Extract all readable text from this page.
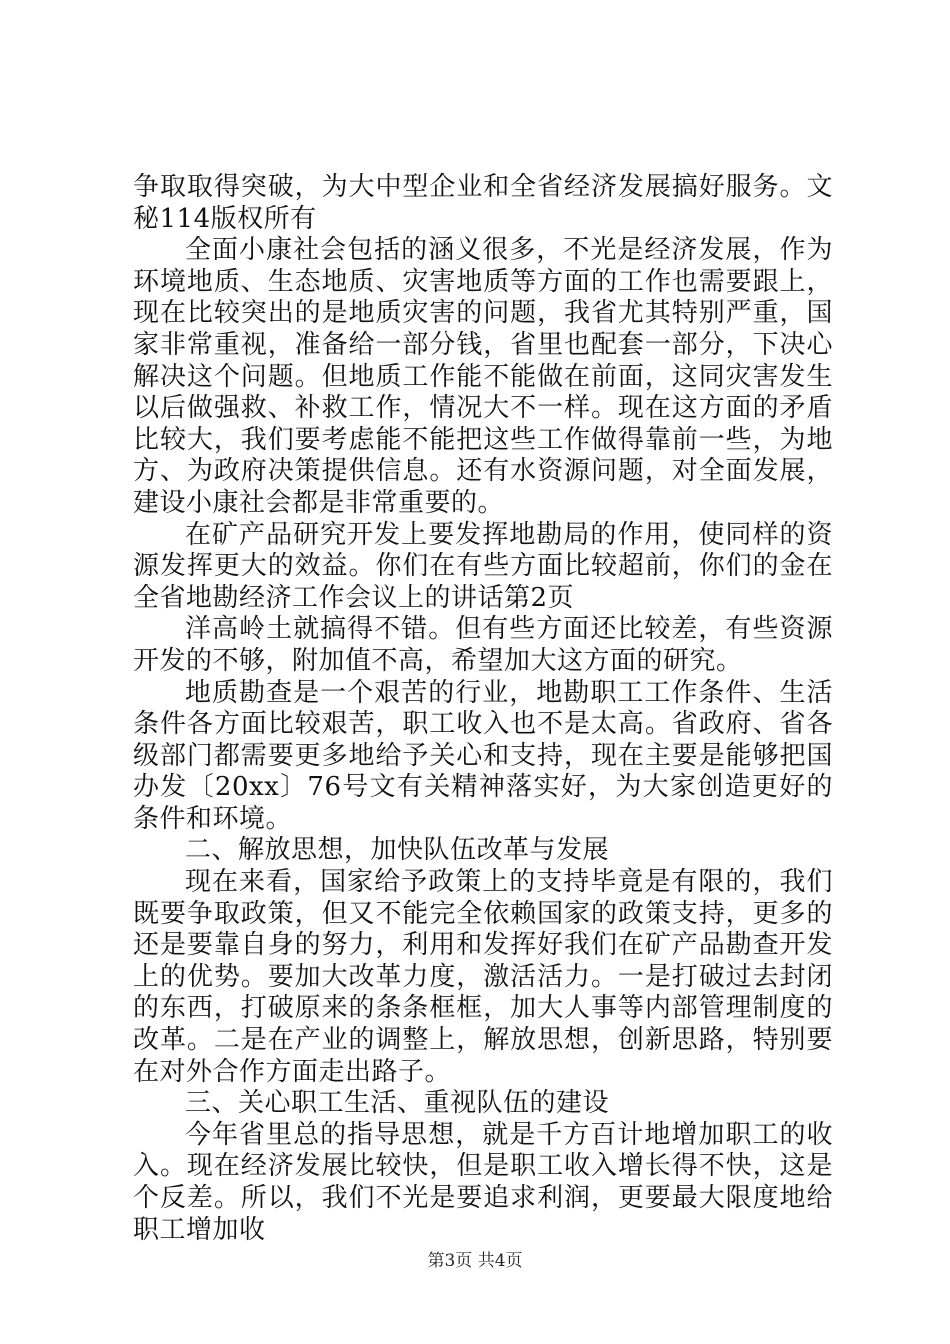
争取取得突破，为大中型企业和全省经济发展搞好服务。文秘114版权所有

全面小康社会包括的涵义很多，不光是经济发展，作为环境地质、生态地质、灾害地质等方面的工作也需要跟上，现在比较突出的是地质灾害的问题，我省尤其特别严重，国家非常重视，准备给一部分钱，省里也配套一部分，下决心解决这个问题。但地质工作能不能做在前面，这同灾害发生以后做强救、补救工作，情况大不一样。现在这方面的矛盾比较大，我们要考虑能不能把这些工作做得靠前一些，为地方、为政府决策提供信息。还有水资源问题，对全面发展，建设小康社会都是非常重要的。

在矿产品研究开发上要发挥地勘局的作用，使同样的资源发挥更大的效益。你们在有些方面比较超前，你们的金在全省地勘经济工作会议上的讲话第2页

洋高岭土就搞得不错。但有些方面还比较差，有些资源开发的不够，附加值不高，希望加大这方面的研究。

地质勘查是一个艰苦的行业，地勘职工工作条件、生活条件各方面比较艰苦，职工收入也不是太高。省政府、省各级部门都需要更多地给予关心和支持，现在主要是能够把国办发〔20xx〕76号文有关精神落实好，为大家创造更好的条件和环境。

二、解放思想，加快队伍改革与发展

现在来看，国家给予政策上的支持毕竟是有限的，我们既要争取政策，但又不能完全依赖国家的政策支持，更多的还是要靠自身的努力，利用和发挥好我们在矿产品勘查开发上的优势。要加大改革力度，激活活力。一是打破过去封闭的东西，打破原来的条条框框，加大人事等内部管理制度的改革。二是在产业的调整上，解放思想，创新思路，特别要在对外合作方面走出路子。

三、关心职工生活、重视队伍的建设

今年省里总的指导思想，就是千方百计地增加职工的收入。现在经济发展比较快，但是职工收入增长得不快，这是个反差。所以，我们不光是要追求利润，更要最大限度地给职工增加收

第3页 共4页
